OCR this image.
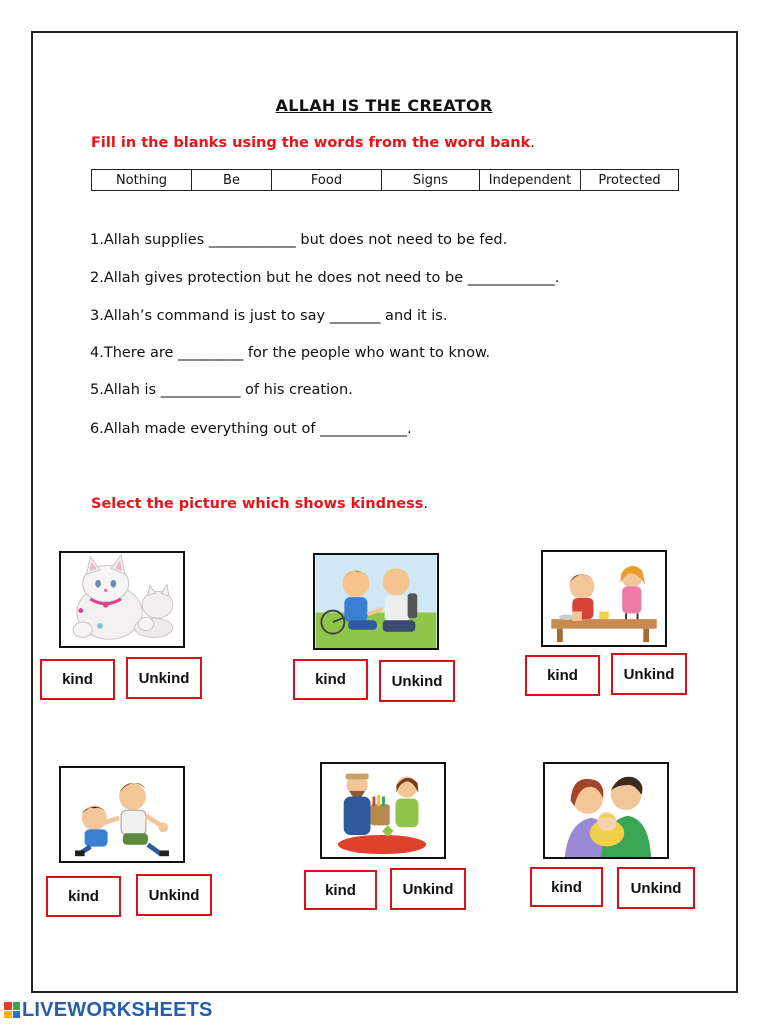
ALLAH IS THE CREATOR
Fill in the blanks using the words from the word bank.
Nothing	Be	Food	Signs	Independent	Protected
1.Allah supplies ____________ but does not need to be fed.
2.Allah gives protection but he does not need to be ____________.
3.Allah’s command is just to say _______ and it is.
4.There are _________ for the people who want to know.
5.Allah is ___________ of his creation.
6.Allah made everything out of ____________.
Select the picture which shows kindness.
kind	Unkind	kind	Unkind	kind	Unkind
kind	Unkind	kind	Unkind	kind	Unkind
LIVEWORKSHEETS
